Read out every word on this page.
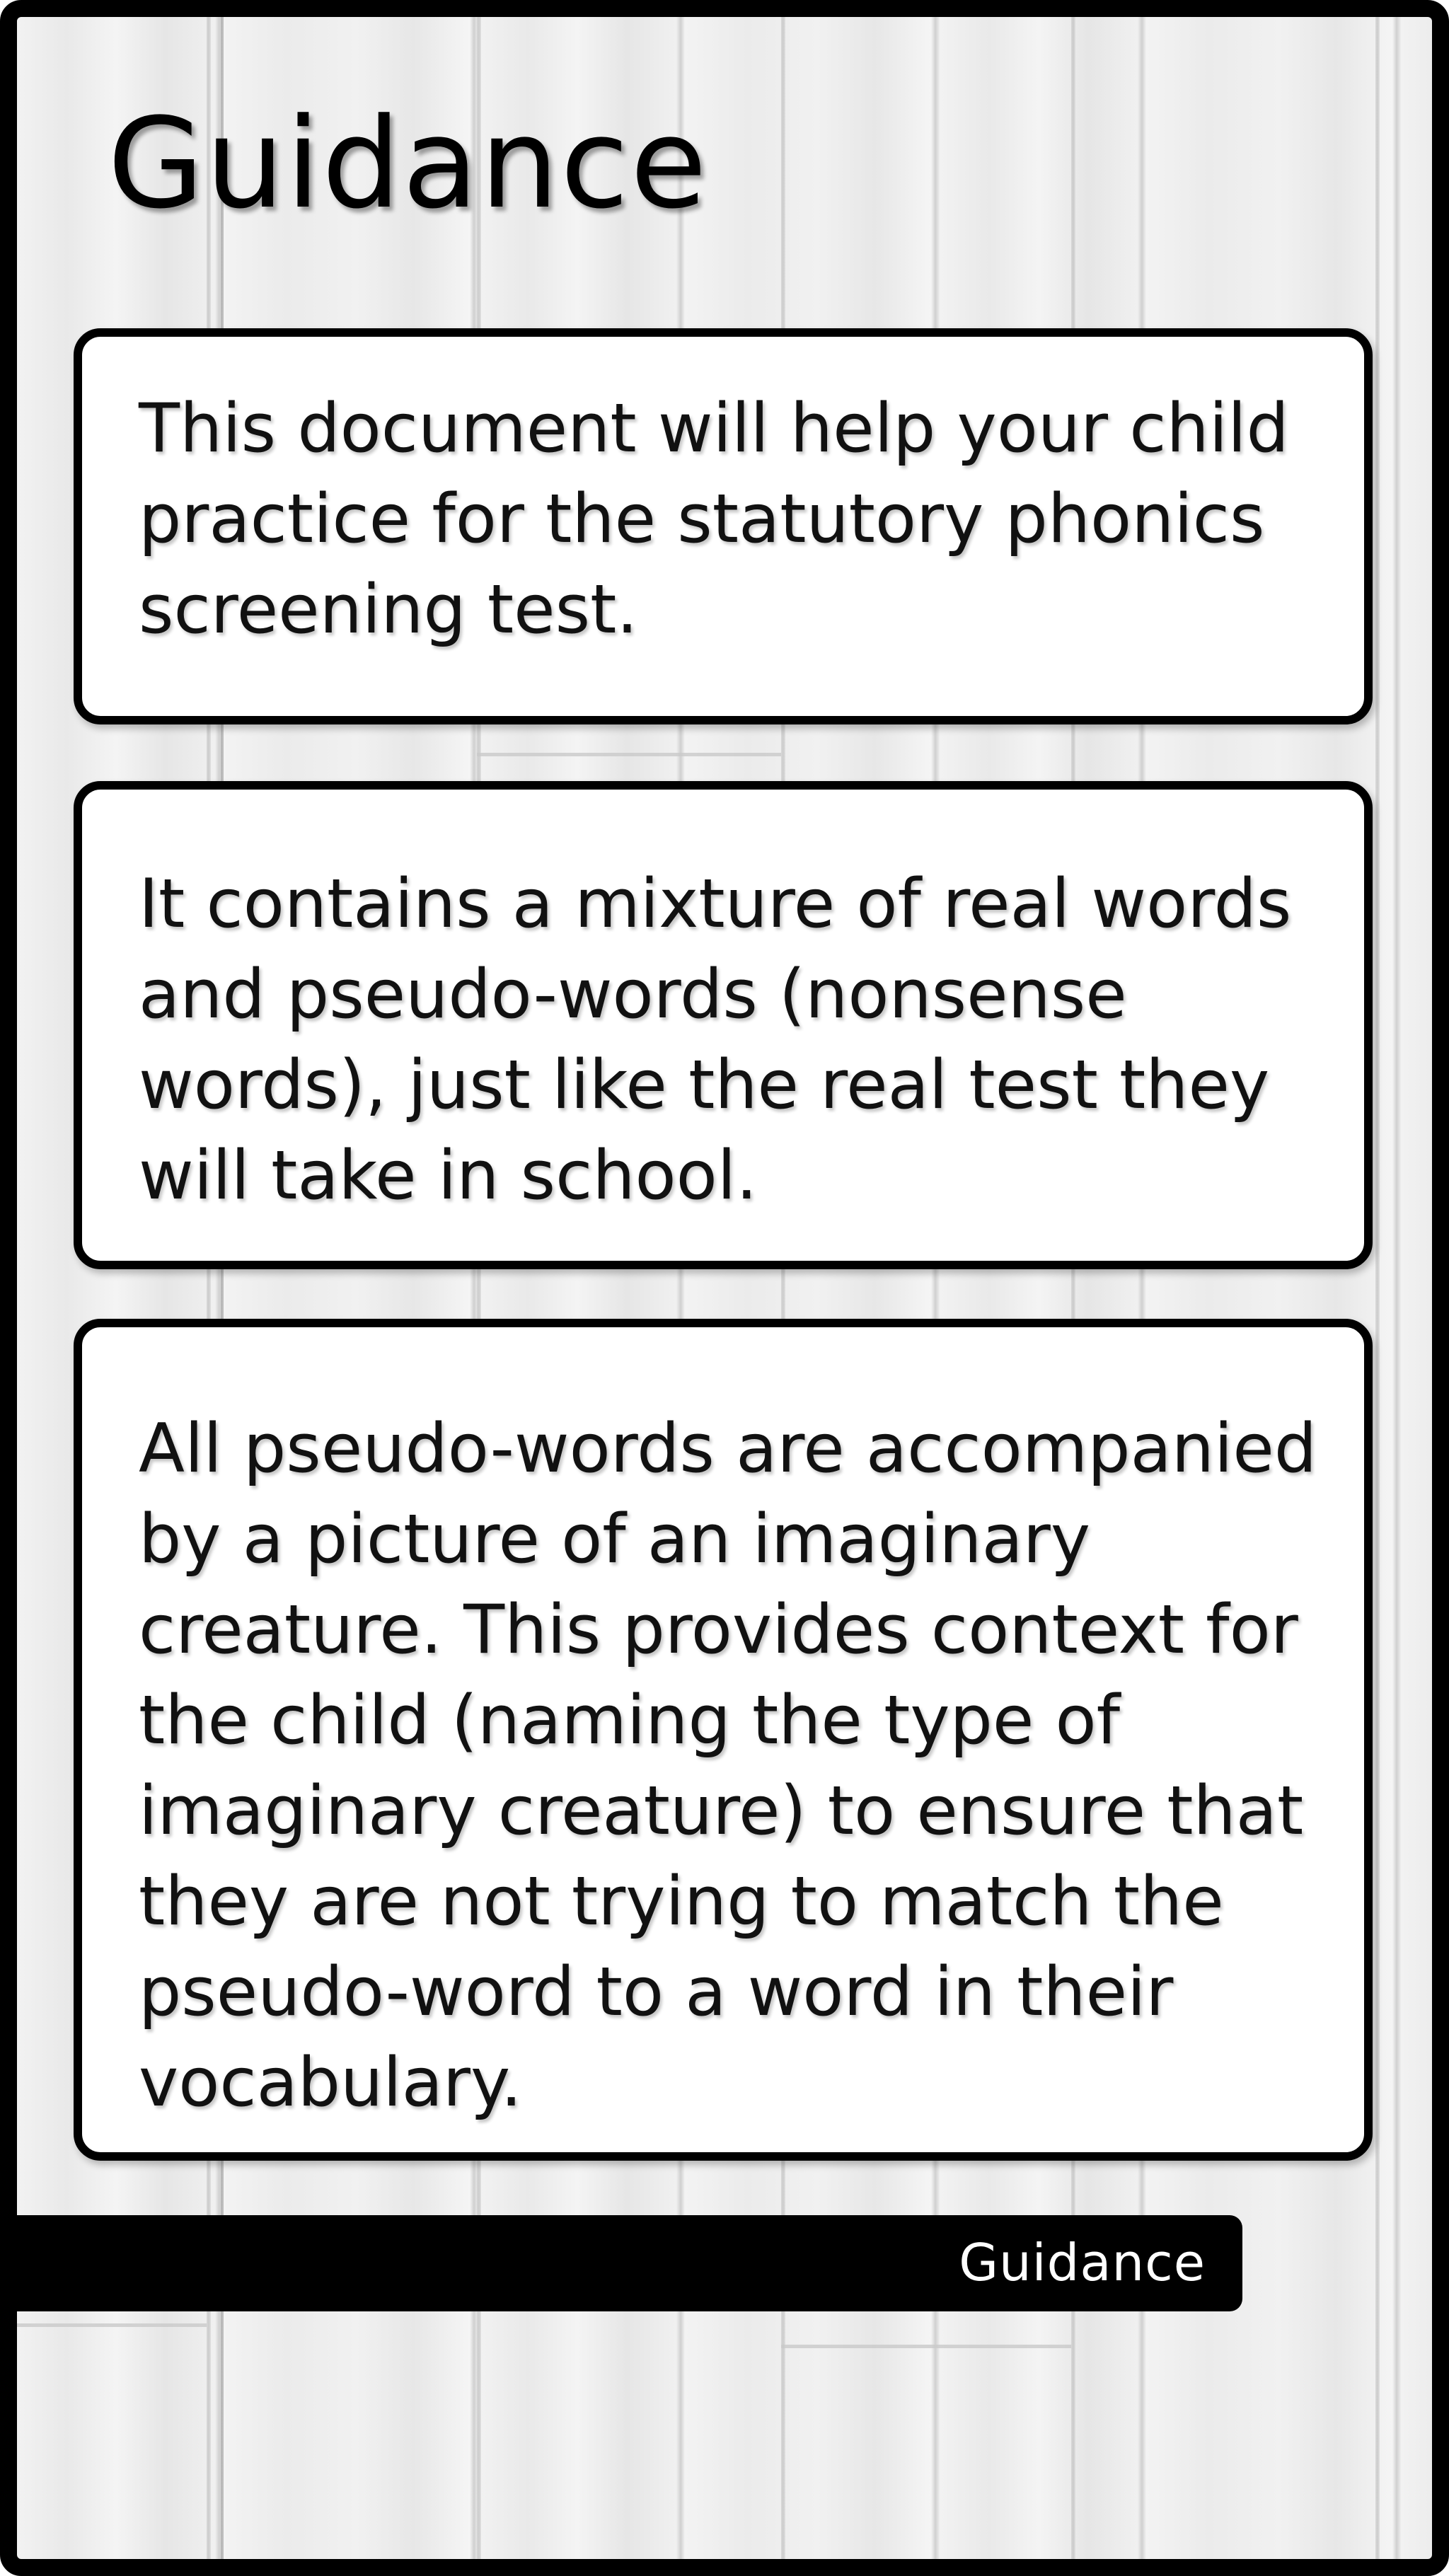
Guidance

This document will help your child practice for the statutory phonics screening test.

It contains a mixture of real words and pseudo-words (nonsense words), just like the real test they will take in school.

All pseudo-words are accompanied by a picture of an imaginary creature. This provides context for the child (naming the type of imaginary creature) to ensure that they are not trying to match the pseudo-word to a word in their vocabulary.

Guidance
